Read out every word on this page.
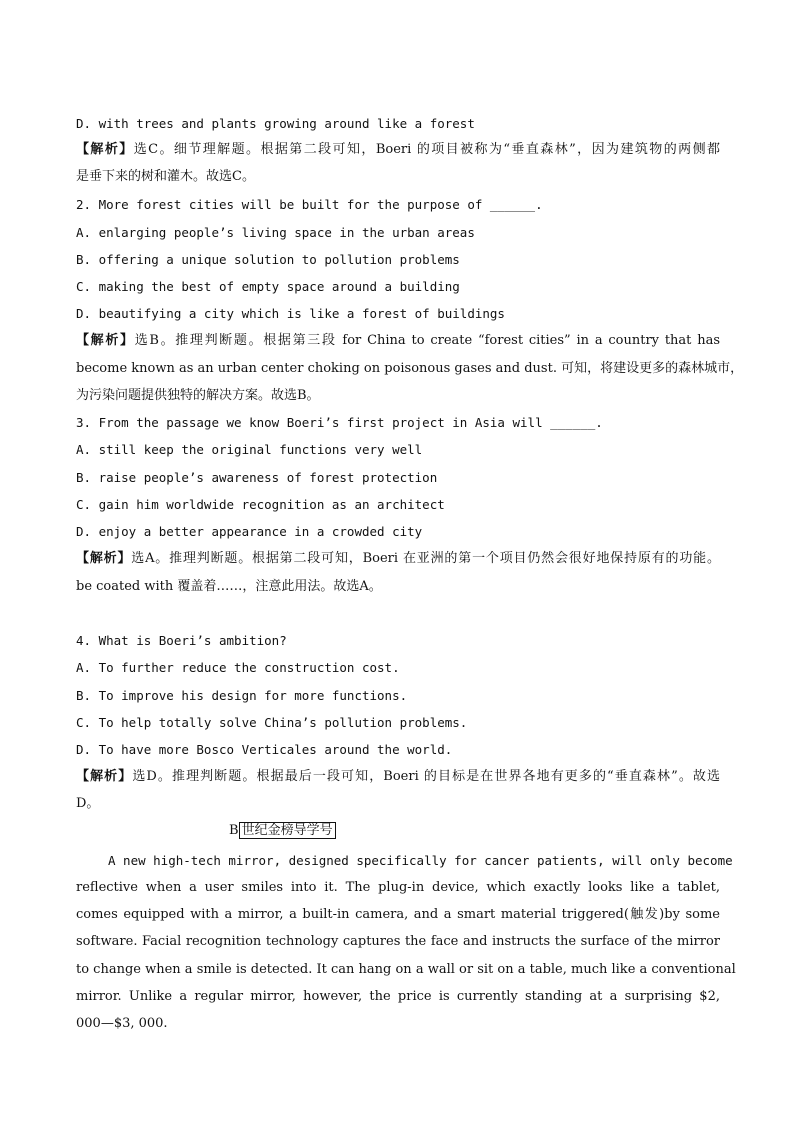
D. with trees and plants growing around like a forest
【解析】选C。细节理解题。根据第二段可知，Boeri 的项目被称为“垂直森林”，因为建筑物的两侧都
是垂下来的树和灌木。故选C。
2. More forest cities will be built for the purpose of ______.
A. enlarging people’s living space in the urban areas
B. offering a unique solution to pollution problems
C. making the best of empty space around a building
D. beautifying a city which is like a forest of buildings
【解析】选B。推理判断题。根据第三段 for China to create “forest cities” in a country that has
become known as an urban center choking on poisonous gases and dust. 可知，将建设更多的森林城市，
为污染问题提供独特的解决方案。故选B。
3. From the passage we know Boeri’s first project in Asia will ______.
A. still keep the original functions very well
B. raise people’s awareness of forest protection
C. gain him worldwide recognition as an architect
D. enjoy a better appearance in a crowded city
【解析】选A。推理判断题。根据第二段可知，Boeri 在亚洲的第一个项目仍然会很好地保持原有的功能。
be coated with 覆盖着……，注意此用法。故选A。
4. What is Boeri’s ambition?
A. To further reduce the construction cost.
B. To improve his design for more functions.
C. To help totally solve China’s pollution problems.
D. To have more Bosco Verticales around the world.
【解析】选D。推理判断题。根据最后一段可知，Boeri 的目标是在世界各地有更多的“垂直森林”。故选
D。
B 世纪金榜导学号
A new high-tech mirror, designed specifically for cancer patients, will only become
reflective when a user smiles into it. The plug-in device, which exactly looks like a tablet,
comes equipped with a mirror, a built-in camera, and a smart material triggered(触发)by some
software. Facial recognition technology captures the face and instructs the surface of the mirror
to change when a smile is detected. It can hang on a wall or sit on a table, much like a conventional
mirror. Unlike a regular mirror, however, the price is currently standing at a surprising $2,
000—$3, 000.
